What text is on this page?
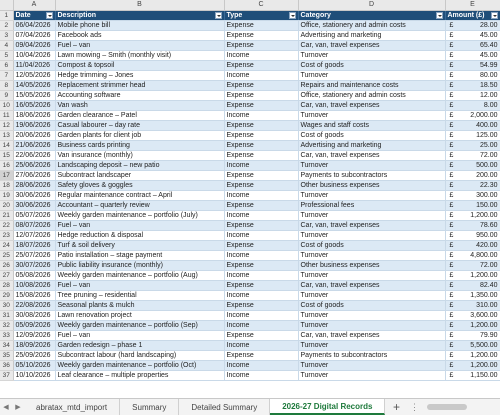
	A	B	C	D	E
1	Date	Description	Type	Category	Amount (£)

2	06/04/2026	Mobile phone bill	Expense	Office, stationery and admin costs	£ 28.00

3	07/04/2026	Facebook ads	Expense	Advertising and marketing	£ 45.00

4	09/04/2026	Fuel – van	Expense	Car, van, travel expenses	£ 65.40

5	10/04/2026	Lawn mowing – Smith (monthly visit)	Income	Turnover	£ 45.00

6	11/04/2026	Compost & topsoil	Expense	Cost of goods	£ 54.99

7	12/05/2026	Hedge trimming – Jones	Income	Turnover	£ 80.00

8	14/05/2026	Replacement strimmer head	Expense	Repairs and maintenance costs	£ 18.50

9	15/05/2026	Accounting software	Expense	Office, stationery and admin costs	£ 12.00

10	16/05/2026	Van wash	Expense	Car, van, travel expenses	£ 8.00

11	18/06/2026	Garden clearance – Patel	Income	Turnover	£ 2,000.00

12	19/06/2026	Casual labourer – day rate	Expense	Wages and staff costs	£ 400.00

13	20/06/2026	Garden plants for client job	Expense	Cost of goods	£ 125.00

14	21/06/2026	Business cards printing	Expense	Advertising and marketing	£ 25.00

15	22/06/2026	Van insurance (monthly)	Expense	Car, van, travel expenses	£ 72.00

16	25/06/2026	Landscaping deposit – new patio	Income	Turnover	£ 500.00

17	27/06/2026	Subcontract landscaper	Expense	Payments to subcontractors	£ 200.00

18	28/06/2026	Safety gloves & goggles	Expense	Other business expenses	£ 22.30

19	30/06/2026	Regular maintenance contract – April	Income	Turnover	£ 300.00

20	30/06/2026	Accountant – quarterly review	Expense	Professional fees	£ 150.00

21	05/07/2026	Weekly garden maintenance – portfolio (July)	Income	Turnover	£ 1,200.00

22	08/07/2026	Fuel – van	Expense	Car, van, travel expenses	£ 78.60

23	12/07/2026	Hedge reduction & disposal	Income	Turnover	£ 950.00

24	18/07/2026	Turf & soil delivery	Expense	Cost of goods	£ 420.00

25	25/07/2026	Patio installation – stage payment	Income	Turnover	£ 4,800.00

26	30/07/2026	Public liability insurance (monthly)	Expense	Other business expenses	£ 72.00

27	05/08/2026	Weekly garden maintenance – portfolio (Aug)	Income	Turnover	£ 1,200.00

28	10/08/2026	Fuel – van	Expense	Car, van, travel expenses	£ 82.40

29	15/08/2026	Tree pruning – residential	Income	Turnover	£ 1,350.00

30	22/08/2026	Seasonal plants & mulch	Expense	Cost of goods	£ 310.00

31	30/08/2026	Lawn renovation project	Income	Turnover	£ 3,600.00

32	05/09/2026	Weekly garden maintenance – portfolio (Sep)	Income	Turnover	£ 1,200.00

33	12/09/2026	Fuel – van	Expense	Car, van, travel expenses	£ 79.90

34	18/09/2026	Garden redesign – phase 1	Income	Turnover	£ 5,500.00

35	25/09/2026	Subcontract labour (hard landscaping)	Expense	Payments to subcontractors	£ 1,200.00

36	05/10/2026	Weekly garden maintenance – portfolio (Oct)	Income	Turnover	£ 1,200.00

37	10/10/2026	Leaf clearance – multiple properties	Income	Turnover	£ 1,150.00
◀ ▶	abratax_mtd_import	Summary	Detailed Summary	2026-27 Digital Records	+	⋮
